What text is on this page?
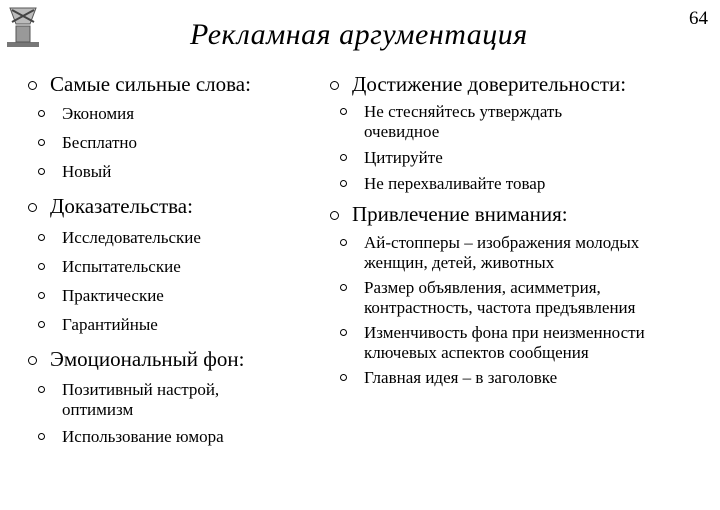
Рекламная аргументация	64
Самые сильные слова:
Экономия
Бесплатно
Новый
Доказательства:
Исследовательские
Испытательские
Практические
Гарантийные
Эмоциональный фон:
Позитивный настрой, оптимизм
Использование юмора
Достижение доверительности:
Не стесняйтесь утверждать очевидное
Цитируйте
Не перехваливайте товар
Привлечение внимания:
Ай-стопперы – изображения молодых женщин, детей, животных
Размер объявления, асимметрия, контрастность, частота предъявления
Изменчивость фона при неизменности ключевых аспектов сообщения
Главная идея – в заголовке
